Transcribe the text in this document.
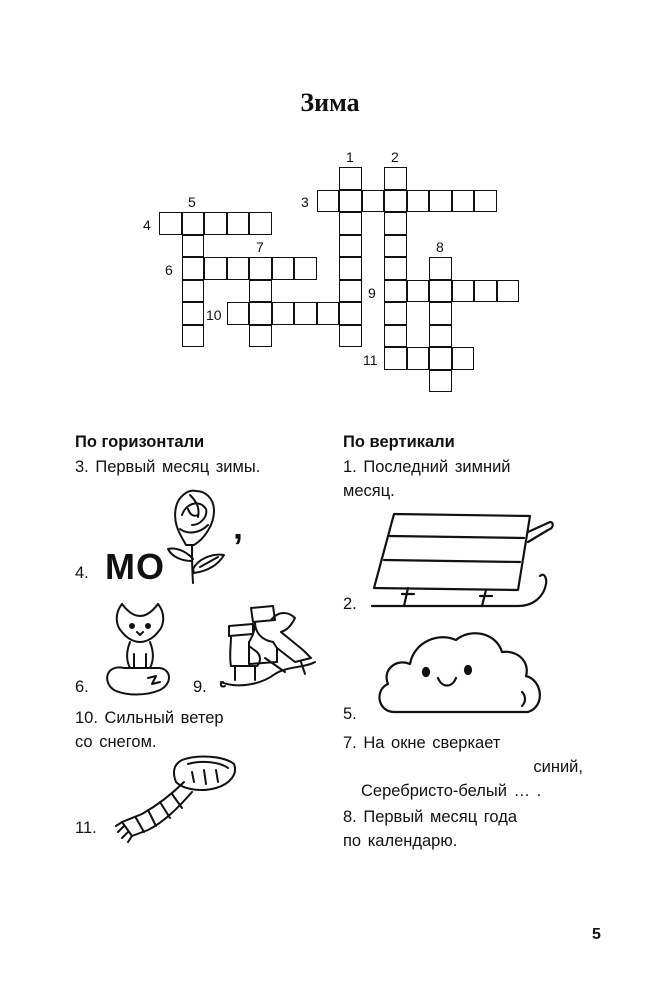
Зима
1	2
3
4
5
6
7	8
9
10
11
По горизонтали
3. Первый месяц зимы.
4. МО ’
6.	9.
10. Сильный ветер
со снегом.
11.
По вертикали
1. Последний зимний
месяц.
2.
5.
7. На окне сверкает
синий,
Серебристо-белый … .
8. Первый месяц года
по календарю.
5
